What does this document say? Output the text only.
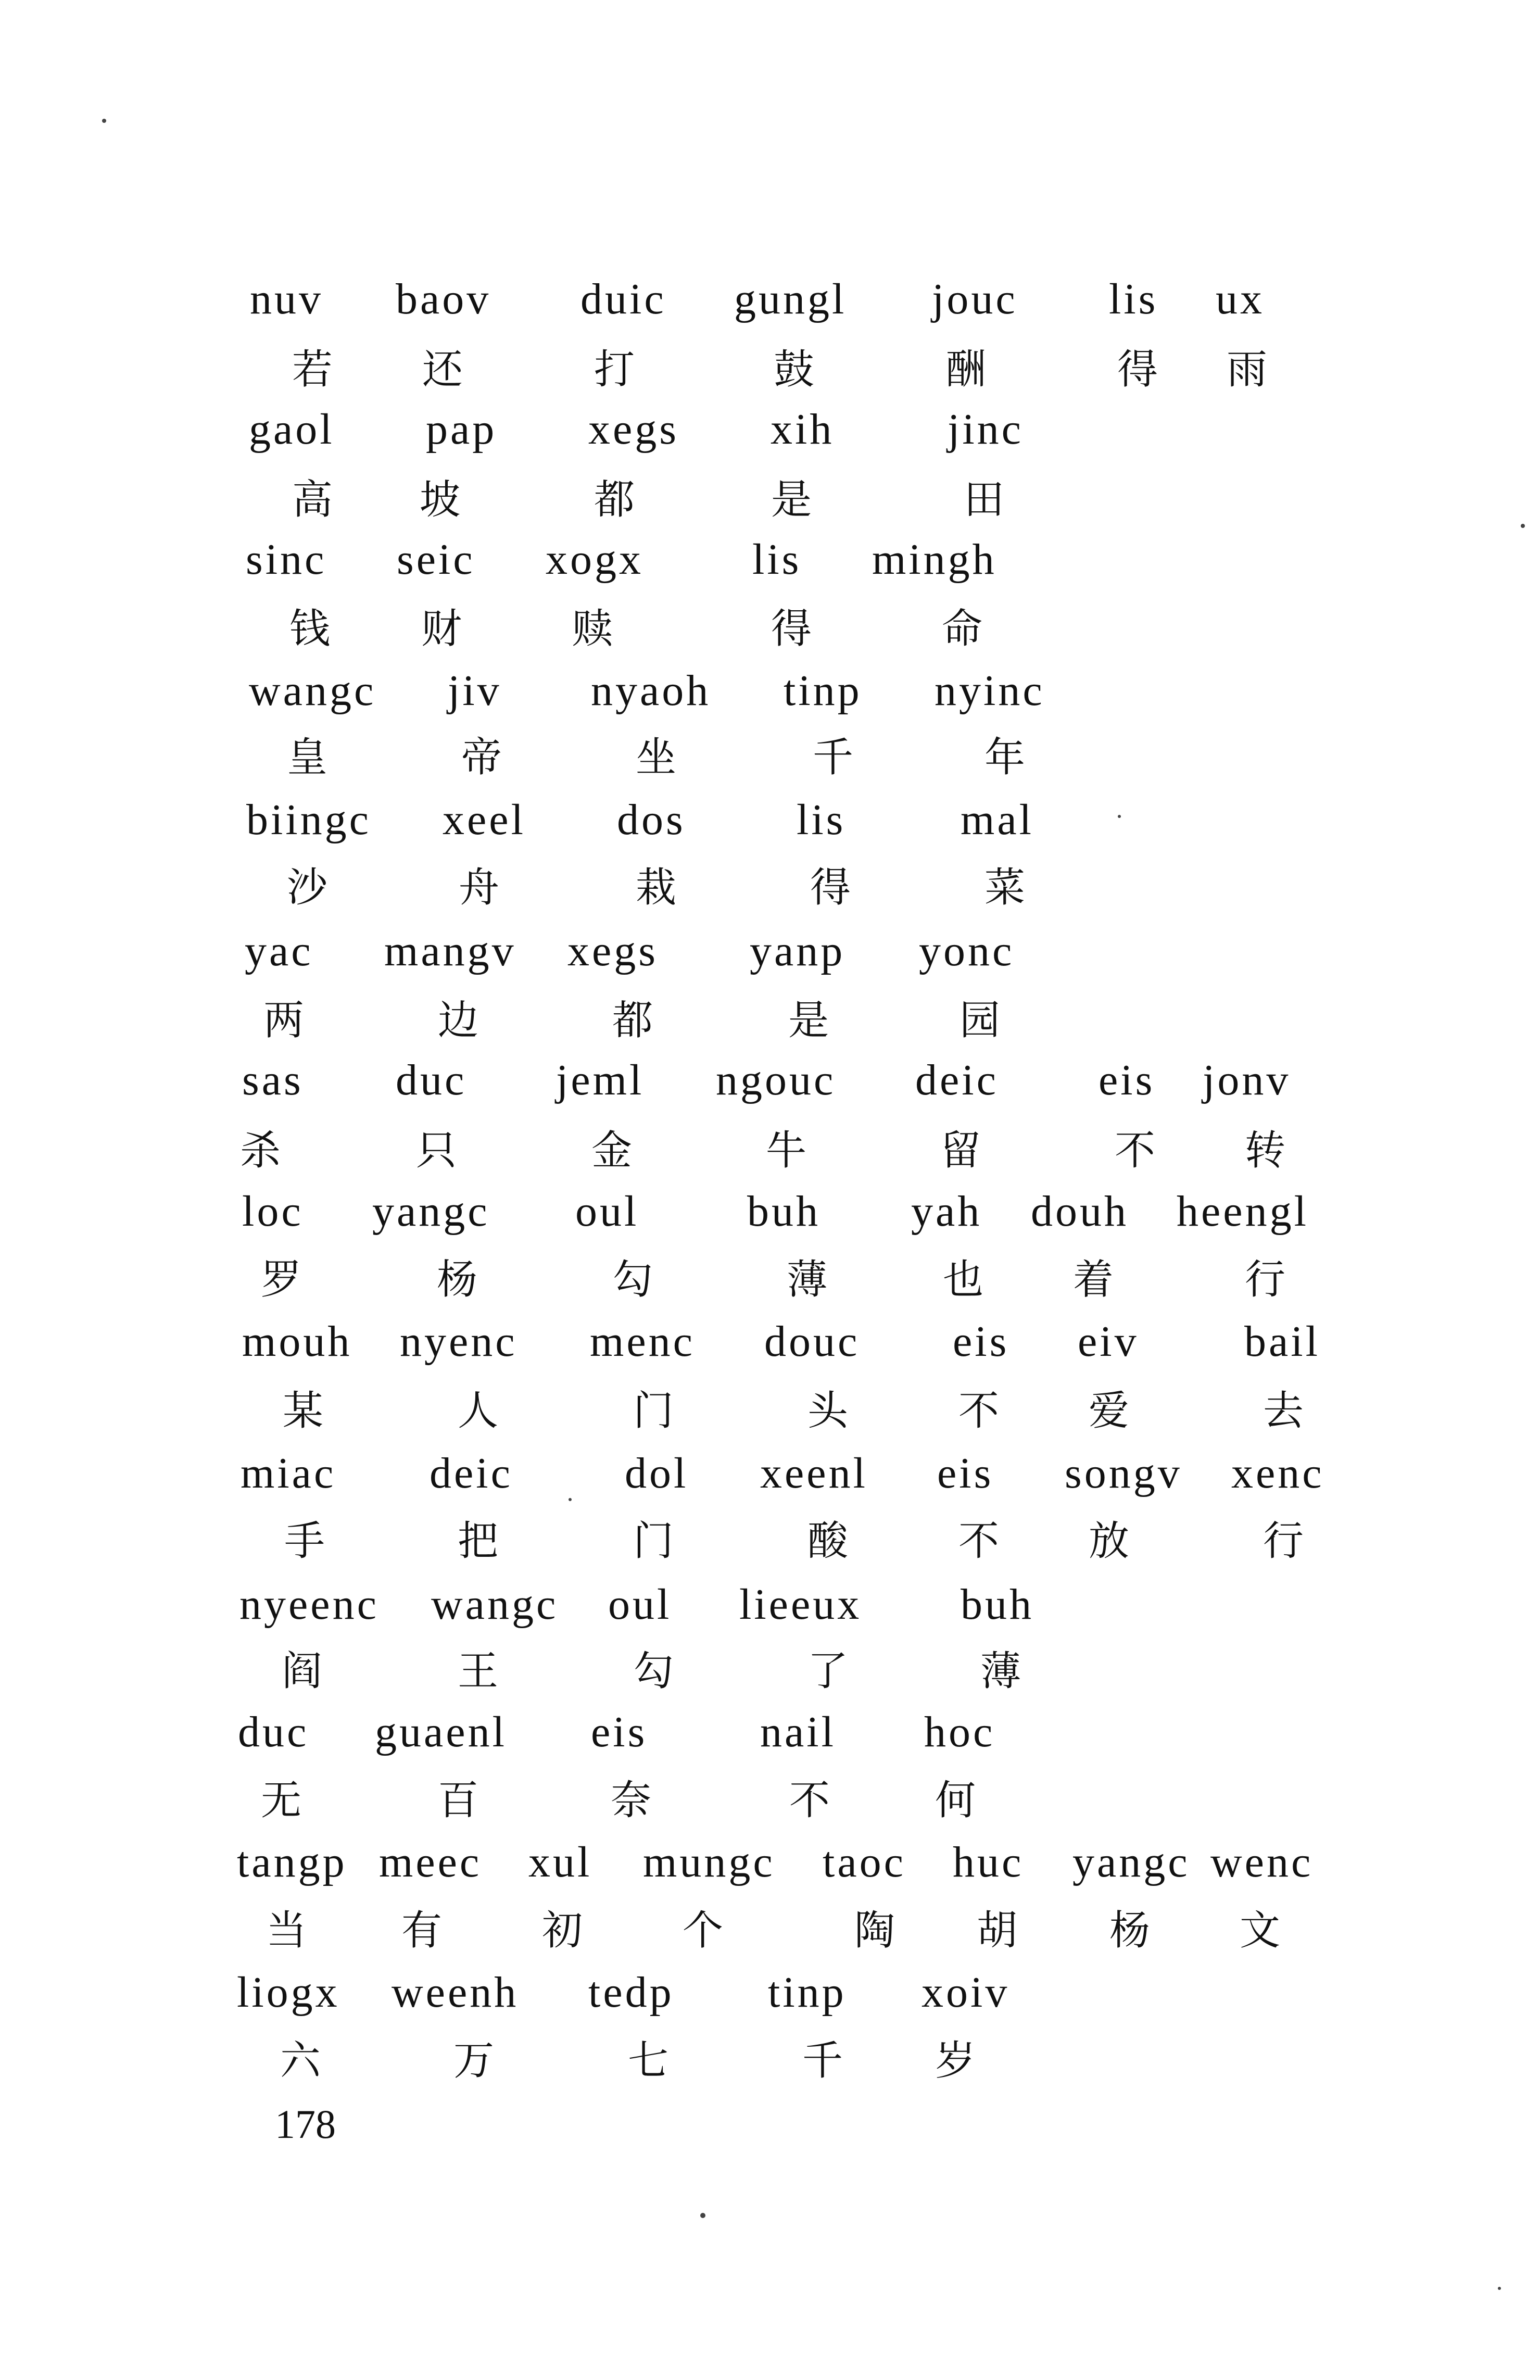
nuv baov duic gungl jouc lis ux
若 还	打	鼓	酬	得 雨
gaol pap xegs xih	jinc
高 坡	都	是	田
sinc seic xogx lis mingh
钱 财	赎	得	命
wangc jiv nyaoh tinp nyinc
皇	帝	坐	千	年
biingc xeel dos	lis	mal
沙	舟	栽	得	菜
yac mangv xegs yanp yonc
两	边	都	是	园
sas duc jeml ngouc deic eis jonv
杀	只	金	牛	留	不 转
loc yangc oul buh yah douh heengl
罗	杨	勾	薄	也 着	行
mouh nyenc menc douc eis eiv bail
某	人	门	头	不 爱	去
miac deic	dol xeenl eis songv xenc
手	把	门	酸	不 放	行
nyeenc wangc oul lieeux buh
阎	王	勾	了	薄
duc guaenl eis	nail hoc
无	百	奈	不	何
tangp meec xul mungc taoc huc yangc wenc
当 有 初 个	陶 胡 杨 文
liogx weenh tedp tinp xoiv
六	万	七	千 岁
178
